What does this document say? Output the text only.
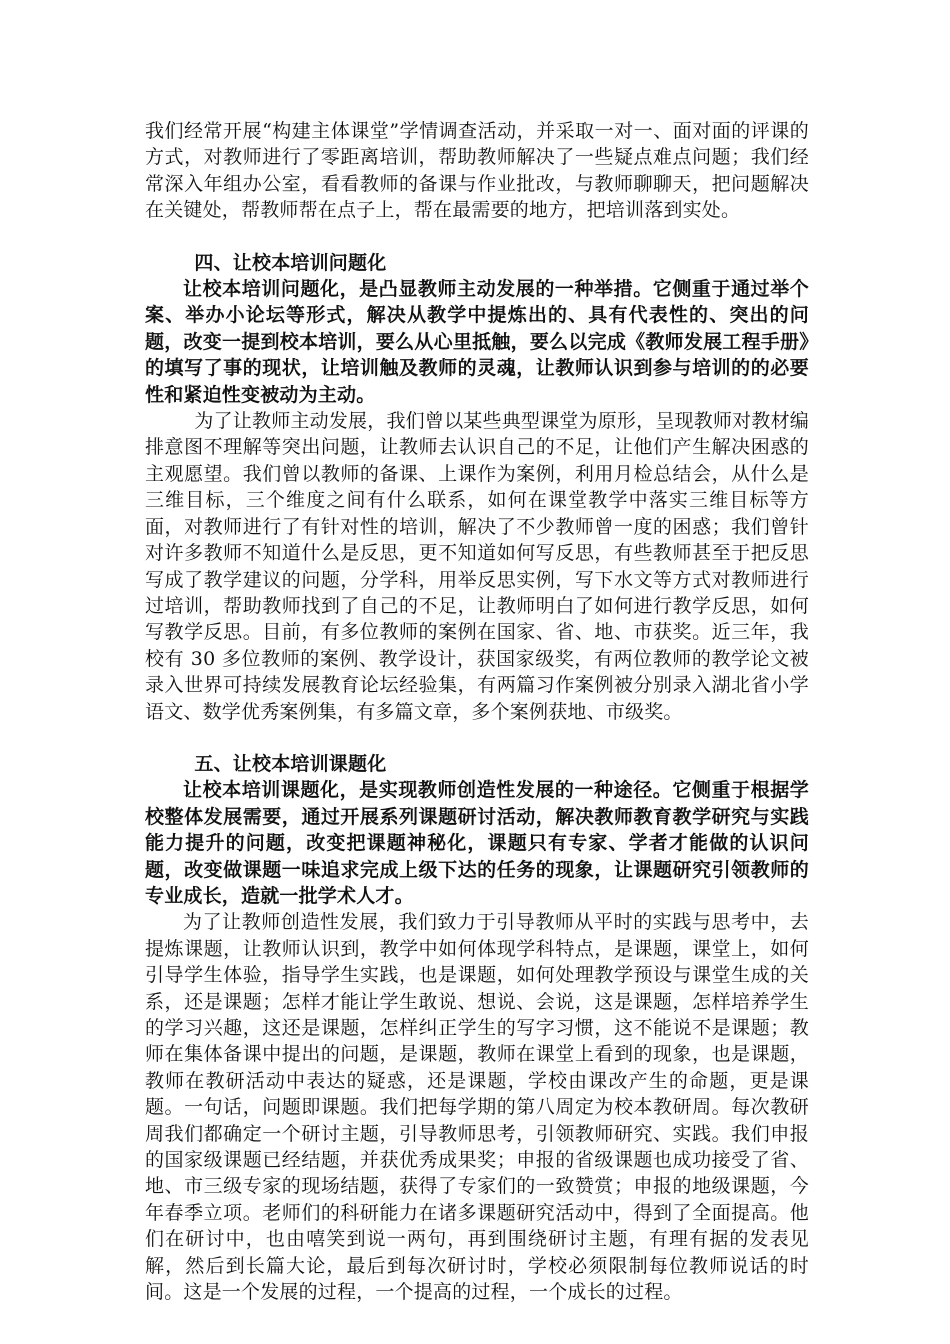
我们经常开展“构建主体课堂”学情调查活动，并采取一对一、面对面的评课的方式，对教师进行了零距离培训，帮助教师解决了一些疑点难点问题；我们经常深入年组办公室，看看教师的备课与作业批改，与教师聊聊天，把问题解决在关键处，帮教师帮在点子上，帮在最需要的地方，把培训落到实处。

四、让校本培训问题化

让校本培训问题化，是凸显教师主动发展的一种举措。它侧重于通过举个案、举办小论坛等形式，解决从教学中提炼出的、具有代表性的、突出的问题，改变一提到校本培训，要么从心里抵触，要么以完成《教师发展工程手册》的填写了事的现状，让培训触及教师的灵魂，让教师认识到参与培训的的必要性和紧迫性变被动为主动。

为了让教师主动发展，我们曾以某些典型课堂为原形，呈现教师对教材编排意图不理解等突出问题，让教师去认识自己的不足，让他们产生解决困惑的主观愿望。我们曾以教师的备课、上课作为案例，利用月检总结会，从什么是三维目标，三个维度之间有什么联系，如何在课堂教学中落实三维目标等方面，对教师进行了有针对性的培训，解决了不少教师曾一度的困惑；我们曾针对许多教师不知道什么是反思，更不知道如何写反思，有些教师甚至于把反思写成了教学建议的问题，分学科，用举反思实例，写下水文等方式对教师进行过培训，帮助教师找到了自己的不足，让教师明白了如何进行教学反思，如何写教学反思。目前，有多位教师的案例在国家、省、地、市获奖。近三年，我校有 30 多位教师的案例、教学设计，获国家级奖，有两位教师的教学论文被录入世界可持续发展教育论坛经验集，有两篇习作案例被分别录入湖北省小学语文、数学优秀案例集，有多篇文章，多个案例获地、市级奖。

五、让校本培训课题化

让校本培训课题化，是实现教师创造性发展的一种途径。它侧重于根据学校整体发展需要，通过开展系列课题研讨活动，解决教师教育教学研究与实践能力提升的问题，改变把课题神秘化，课题只有专家、学者才能做的认识问题，改变做课题一味追求完成上级下达的任务的现象，让课题研究引领教师的专业成长，造就一批学术人才。

为了让教师创造性发展，我们致力于引导教师从平时的实践与思考中，去提炼课题，让教师认识到，教学中如何体现学科特点，是课题，课堂上，如何引导学生体验，指导学生实践，也是课题，如何处理教学预设与课堂生成的关系，还是课题；怎样才能让学生敢说、想说、会说，这是课题，怎样培养学生的学习兴趣，这还是课题，怎样纠正学生的写字习惯，这不能说不是课题；教师在集体备课中提出的问题，是课题，教师在课堂上看到的现象，也是课题，教师在教研活动中表达的疑惑，还是课题，学校由课改产生的命题，更是课题。一句话，问题即课题。我们把每学期的第八周定为校本教研周。每次教研周我们都确定一个研讨主题，引导教师思考，引领教师研究、实践。我们申报的国家级课题已经结题，并获优秀成果奖；申报的省级课题也成功接受了省、地、市三级专家的现场结题，获得了专家们的一致赞赏；申报的地级课题，今年春季立项。老师们的科研能力在诸多课题研究活动中，得到了全面提高。他们在研讨中，也由嘻笑到说一两句，再到围绕研讨主题，有理有据的发表见解，然后到长篇大论，最后到每次研讨时，学校必须限制每位教师说话的时间。这是一个发展的过程，一个提高的过程，一个成长的过程。
